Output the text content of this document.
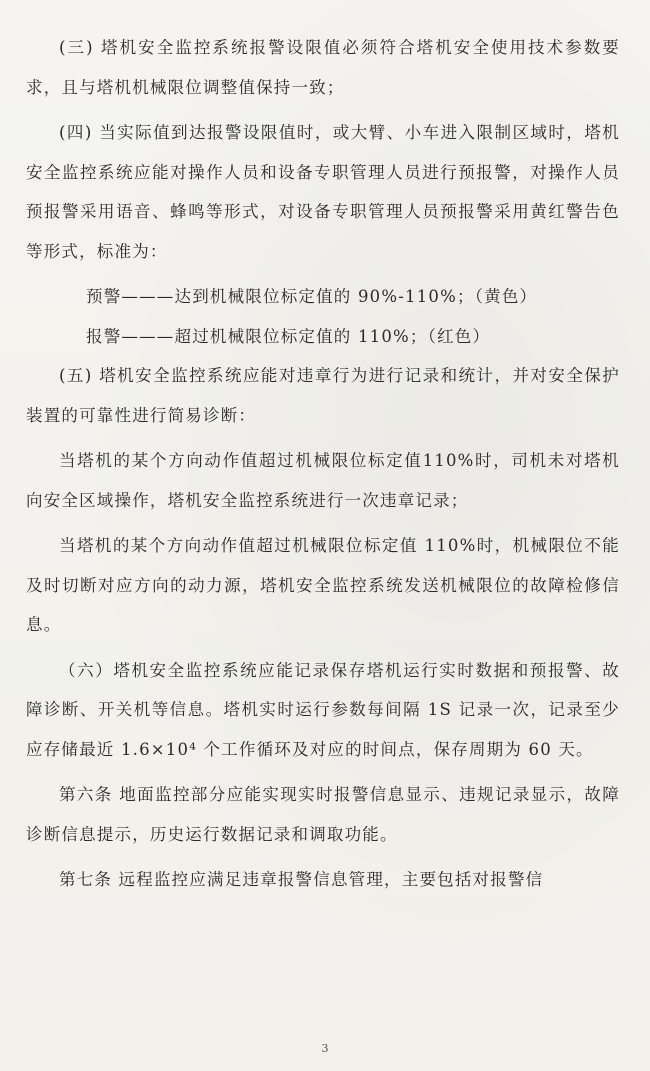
(三) 塔机安全监控系统报警设限值必须符合塔机安全使用技术参数要求，且与塔机机械限位调整值保持一致；

(四) 当实际值到达报警设限值时，或大臂、小车进入限制区域时，塔机安全监控系统应能对操作人员和设备专职管理人员进行预报警，对操作人员预报警采用语音、蜂鸣等形式，对设备专职管理人员预报警采用黄红警告色等形式，标准为：

预警———达到机械限位标定值的 90%-110%；（黄色）

报警———超过机械限位标定值的 110%；（红色）

(五) 塔机安全监控系统应能对违章行为进行记录和统计，并对安全保护装置的可靠性进行简易诊断：

当塔机的某个方向动作值超过机械限位标定值110%时，司机未对塔机向安全区域操作，塔机安全监控系统进行一次违章记录；

当塔机的某个方向动作值超过机械限位标定值 110%时，机械限位不能及时切断对应方向的动力源，塔机安全监控系统发送机械限位的故障检修信息。

（六）塔机安全监控系统应能记录保存塔机运行实时数据和预报警、故障诊断、开关机等信息。塔机实时运行参数每间隔 1S 记录一次，记录至少应存储最近 1.6×10⁴ 个工作循环及对应的时间点，保存周期为 60 天。

第六条 地面监控部分应能实现实时报警信息显示、违规记录显示，故障诊断信息提示，历史运行数据记录和调取功能。

第七条 远程监控应满足违章报警信息管理，主要包括对报警信

3
